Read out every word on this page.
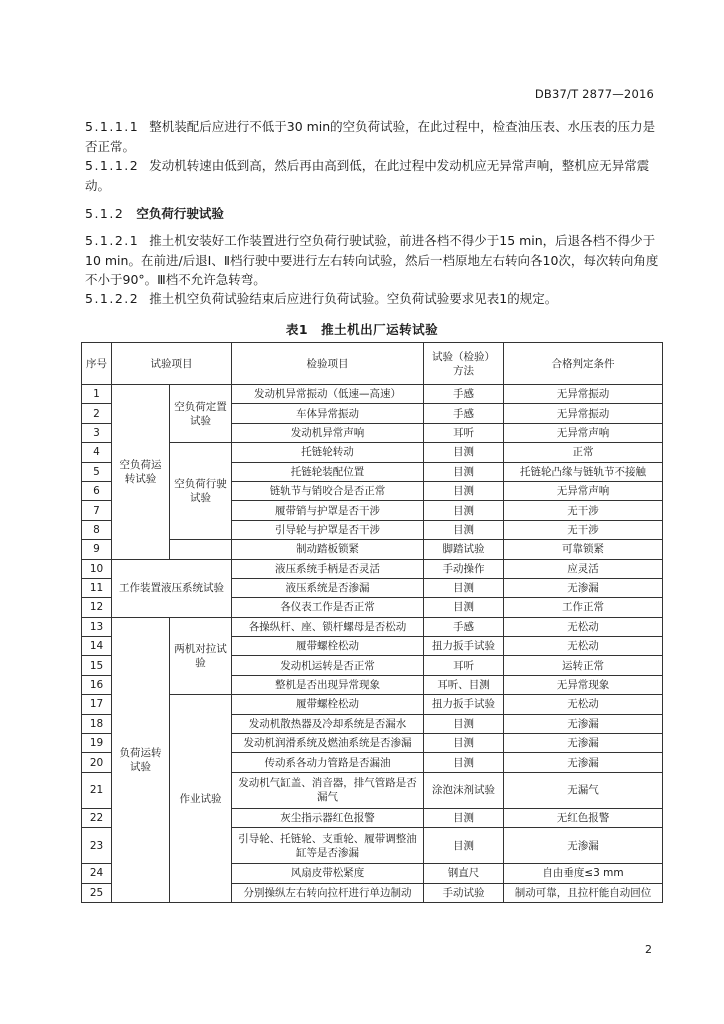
DB37/T 2877—2016
5.1.1.1 整机装配后应进行不低于30 min的空负荷试验，在此过程中，检查油压表、水压表的压力是否正常。
5.1.1.2 发动机转速由低到高，然后再由高到低，在此过程中发动机应无异常声响，整机应无异常震动。
5.1.2 空负荷行驶试验
5.1.2.1 推土机安装好工作装置进行空负荷行驶试验，前进各档不得少于15 min，后退各档不得少于10 min。在前进/后退Ⅰ、Ⅱ档行驶中要进行左右转向试验，然后一档原地左右转向各10次，每次转向角度不小于90°。Ⅲ档不允许急转弯。
5.1.2.2 推土机空负荷试验结束后应进行负荷试验。空负荷试验要求见表1的规定。
表1　推土机出厂运转试验
序号	试验项目		检验项目	试验（检验）方法	合格判定条件
1	空负荷运转试验	空负荷定置试验	发动机异常振动（低速—高速）	手感	无异常振动
2			车体异常振动	手感	无异常振动
3			发动机异常声响	耳听	无异常声响
4		空负荷行驶试验	托链轮转动	目测	正常
5			托链轮装配位置	目测	托链轮凸缘与链轨节不接触
6			链轨节与销咬合是否正常	目测	无异常声响
7			履带销与护罩是否干涉	目测	无干涉
8			引导轮与护罩是否干涉	目测	无干涉
9			制动踏板锁紧	脚踏试验	可靠锁紧
10	工作装置液压系统试验		液压系统手柄是否灵活	手动操作	应灵活
11			液压系统是否渗漏	目测	无渗漏
12			各仪表工作是否正常	目测	工作正常
13	负荷运转试验	两机对拉试验	各操纵杆、座、锁杆螺母是否松动	手感	无松动
14			履带螺栓松动	扭力扳手试验	无松动
15			发动机运转是否正常	耳听	运转正常
16			整机是否出现异常现象	耳听、目测	无异常现象
17		作业试验	履带螺栓松动	扭力扳手试验	无松动
18			发动机散热器及冷却系统是否漏水	目测	无渗漏
19			发动机润滑系统及燃油系统是否渗漏	目测	无渗漏
20			传动系各动力管路是否漏油	目测	无渗漏
21			发动机气缸盖、消音器，排气管路是否漏气	涂泡沫剂试验	无漏气
22			灰尘指示器红色报警	目测	无红色报警
23			引导轮、托链轮、支重轮、履带调整油缸等是否渗漏	目测	无渗漏
24			风扇皮带松紧度	钢直尺	自由垂度≤3 mm
25			分别操纵左右转向拉杆进行单边制动	手动试验	制动可靠，且拉杆能自动回位
2
